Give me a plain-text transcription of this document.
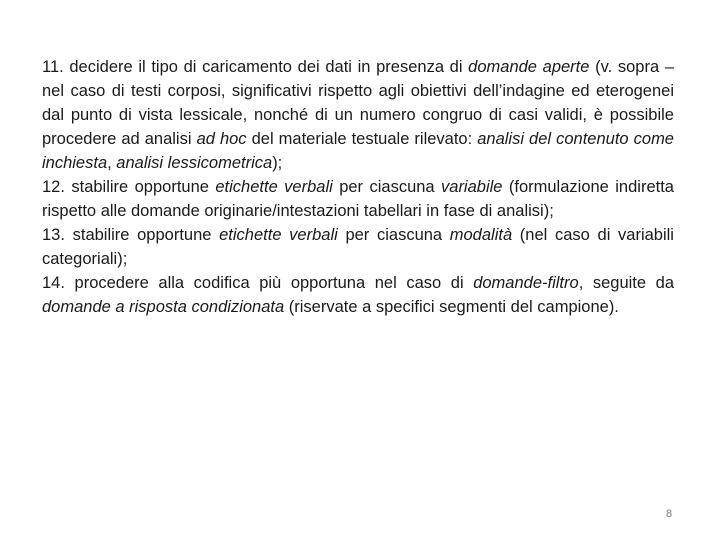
11. decidere il tipo di caricamento dei dati in presenza di domande aperte (v. sopra – nel caso di testi corposi, significativi rispetto agli obiettivi dell’indagine ed eterogenei dal punto di vista lessicale, nonché di un numero congruo di casi validi, è possibile procedere ad analisi ad hoc del materiale testuale rilevato: analisi del contenuto come inchiesta, analisi lessicometrica);

12. stabilire opportune etichette verbali per ciascuna variabile (formulazione indiretta rispetto alle domande originarie/intestazioni tabellari in fase di analisi);

13. stabilire opportune etichette verbali per ciascuna modalità (nel caso di variabili categoriali);

14. procedere alla codifica più opportuna nel caso di domande-filtro, seguite da domande a risposta condizionata (riservate a specifici segmenti del campione).

8
